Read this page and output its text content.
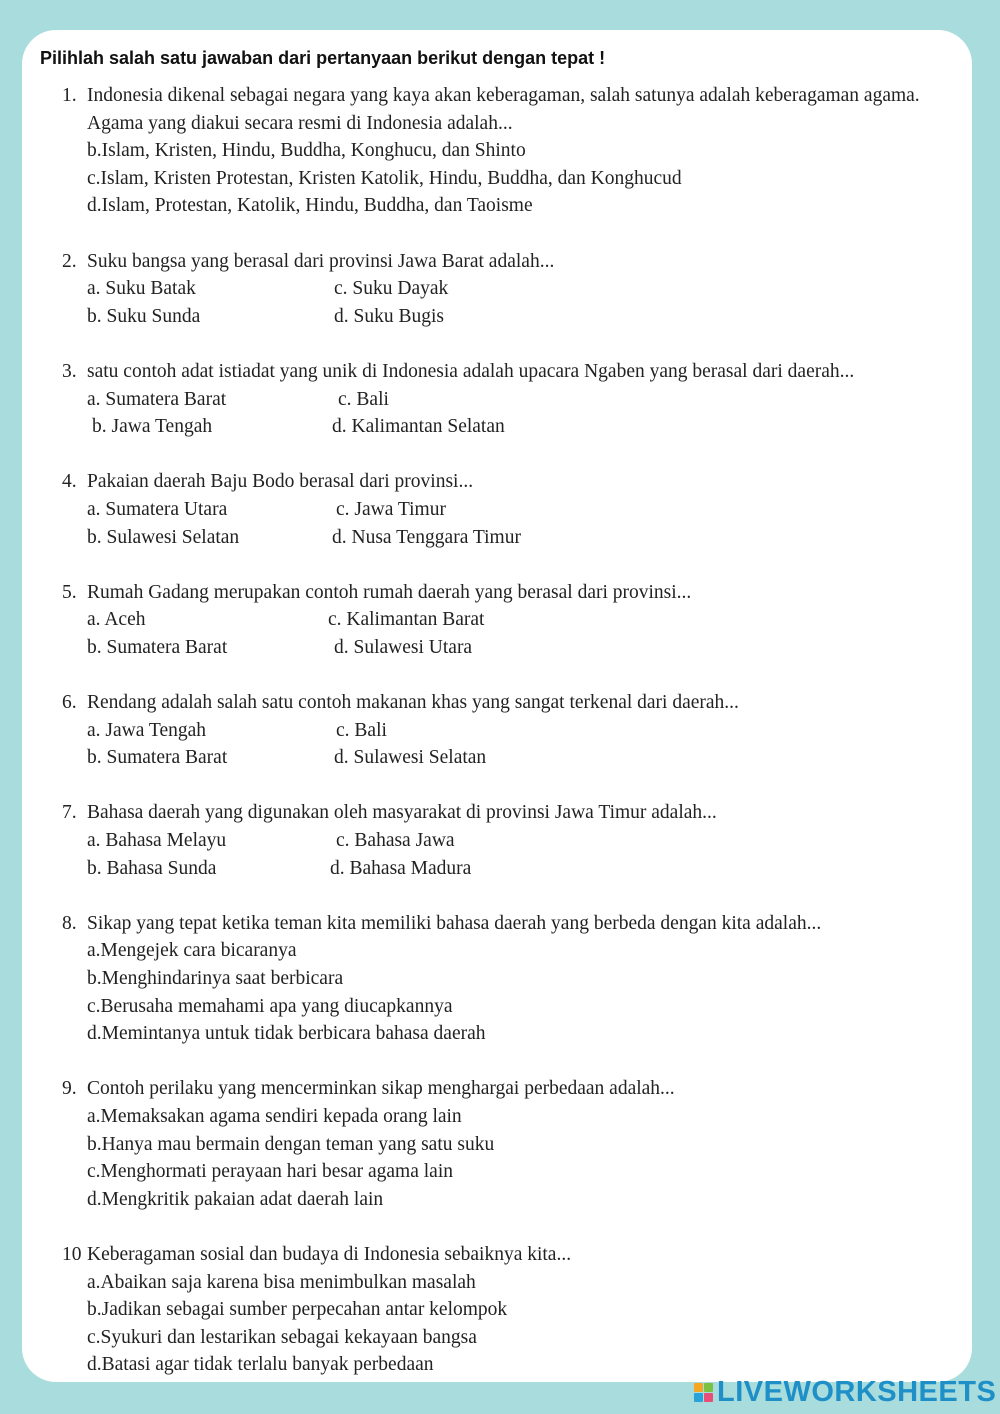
Pilihlah salah satu jawaban dari pertanyaan berikut dengan tepat !

1. Indonesia dikenal sebagai negara yang kaya akan keberagaman, salah satunya adalah keberagaman agama. Agama yang diakui secara resmi di Indonesia adalah...
b.Islam, Kristen, Hindu, Buddha, Konghucu, dan Shinto
c.Islam, Kristen Protestan, Kristen Katolik, Hindu, Buddha, dan Konghucud
d.Islam, Protestan, Katolik, Hindu, Buddha, dan Taoisme
2. Suku bangsa yang berasal dari provinsi Jawa Barat adalah...
a. Suku Batak	c. Suku Dayak
b. Suku Sunda	d. Suku Bugis
3. satu contoh adat istiadat yang unik di Indonesia adalah upacara Ngaben yang berasal dari daerah...
a. Sumatera Barat	c. Bali
b. Jawa Tengah	d. Kalimantan Selatan
4. Pakaian daerah Baju Bodo berasal dari provinsi...
a. Sumatera Utara	c. Jawa Timur
b. Sulawesi Selatan	d. Nusa Tenggara Timur
5. Rumah Gadang merupakan contoh rumah daerah yang berasal dari provinsi...
a. Aceh	c. Kalimantan Barat
b. Sumatera Barat	d. Sulawesi Utara
6. Rendang adalah salah satu contoh makanan khas yang sangat terkenal dari daerah...
a. Jawa Tengah	c. Bali
b. Sumatera Barat	d. Sulawesi Selatan
7. Bahasa daerah yang digunakan oleh masyarakat di provinsi Jawa Timur adalah...
a. Bahasa Melayu	c. Bahasa Jawa
b. Bahasa Sunda	d. Bahasa Madura
8. Sikap yang tepat ketika teman kita memiliki bahasa daerah yang berbeda dengan kita adalah...
a.Mengejek cara bicaranya
b.Menghindarinya saat berbicara
c.Berusaha memahami apa yang diucapkannya
d.Memintanya untuk tidak berbicara bahasa daerah
9. Contoh perilaku yang mencerminkan sikap menghargai perbedaan adalah...
a.Memaksakan agama sendiri kepada orang lain
b.Hanya mau bermain dengan teman yang satu suku
c.Menghormati perayaan hari besar agama lain
d.Mengkritik pakaian adat daerah lain
10 Keberagaman sosial dan budaya di Indonesia sebaiknya kita...
a.Abaikan saja karena bisa menimbulkan masalah
b.Jadikan sebagai sumber perpecahan antar kelompok
c.Syukuri dan lestarikan sebagai kekayaan bangsa
d.Batasi agar tidak terlalu banyak perbedaan
LIVEWORKSHEETS
